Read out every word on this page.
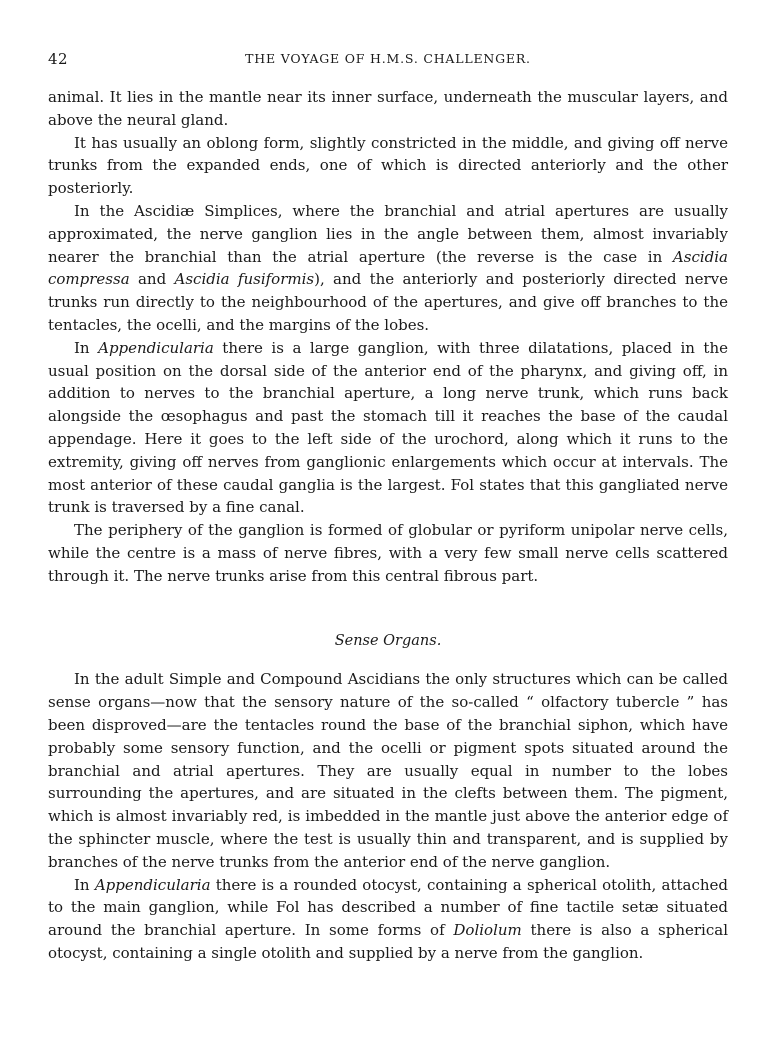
42	THE VOYAGE OF H.M.S. CHALLENGER.

animal. It lies in the mantle near its inner surface, underneath the muscular layers, and above the neural gland.

It has usually an oblong form, slightly constricted in the middle, and giving off nerve trunks from the expanded ends, one of which is directed anteriorly and the other posteriorly.

In the Ascidiæ Simplices, where the branchial and atrial apertures are usually approximated, the nerve ganglion lies in the angle between them, almost invariably nearer the branchial than the atrial aperture (the reverse is the case in Ascidia compressa and Ascidia fusiformis), and the anteriorly and posteriorly directed nerve trunks run directly to the neighbourhood of the apertures, and give off branches to the tentacles, the ocelli, and the margins of the lobes.

In Appendicularia there is a large ganglion, with three dilatations, placed in the usual position on the dorsal side of the anterior end of the pharynx, and giving off, in addition to nerves to the branchial aperture, a long nerve trunk, which runs back alongside the œsophagus and past the stomach till it reaches the base of the caudal appendage. Here it goes to the left side of the urochord, along which it runs to the extremity, giving off nerves from ganglionic enlargements which occur at intervals. The most anterior of these caudal ganglia is the largest. Fol states that this gangliated nerve trunk is traversed by a fine canal.

The periphery of the ganglion is formed of globular or pyriform unipolar nerve cells, while the centre is a mass of nerve fibres, with a very few small nerve cells scattered through it. The nerve trunks arise from this central fibrous part.

Sense Organs.

In the adult Simple and Compound Ascidians the only structures which can be called sense organs—now that the sensory nature of the so-called “ olfactory tubercle ” has been disproved—are the tentacles round the base of the branchial siphon, which have probably some sensory function, and the ocelli or pigment spots situated around the branchial and atrial apertures. They are usually equal in number to the lobes surrounding the apertures, and are situated in the clefts between them. The pigment, which is almost invariably red, is imbedded in the mantle just above the anterior edge of the sphincter muscle, where the test is usually thin and transparent, and is supplied by branches of the nerve trunks from the anterior end of the nerve ganglion.

In Appendicularia there is a rounded otocyst, containing a spherical otolith, attached to the main ganglion, while Fol has described a number of fine tactile setæ situated around the branchial aperture. In some forms of Doliolum there is also a spherical otocyst, containing a single otolith and supplied by a nerve from the ganglion.
